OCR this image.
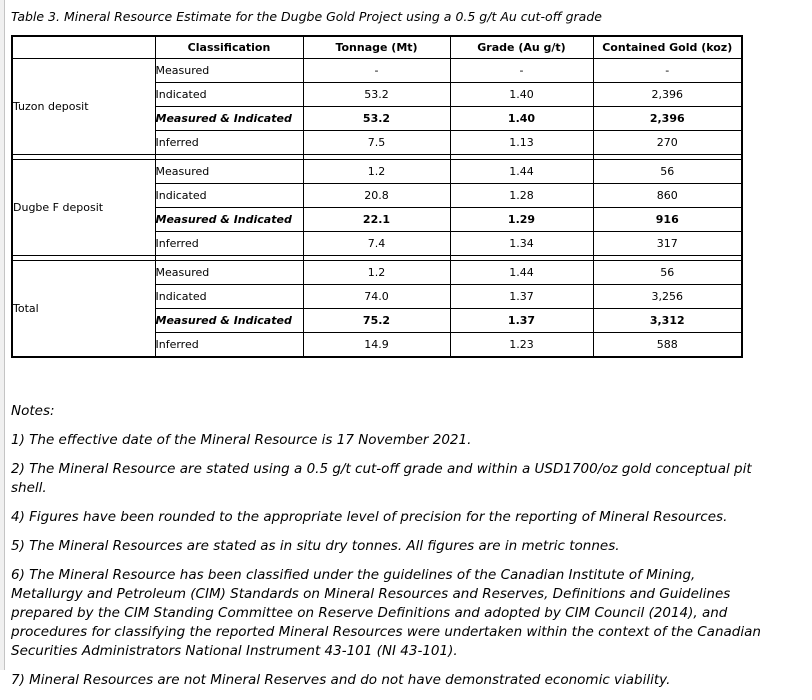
Table 3. Mineral Resource Estimate for the Dugbe Gold Project using a 0.5 g/t Au cut-off grade
	Classification	Tonnage (Mt)	Grade (Au g/t)	Contained Gold (koz)
Tuzon deposit	Measured	-	-	-
	Indicated	53.2	1.40	2,396
	Measured & Indicated	53.2	1.40	2,396
	Inferred	7.5	1.13	270

Dugbe F deposit	Measured	1.2	1.44	56
	Indicated	20.8	1.28	860
	Measured & Indicated	22.1	1.29	916
	Inferred	7.4	1.34	317

Total	Measured	1.2	1.44	56
	Indicated	74.0	1.37	3,256
	Measured & Indicated	75.2	1.37	3,312
	Inferred	14.9	1.23	588

Notes:

1) The effective date of the Mineral Resource is 17 November 2021.

2) The Mineral Resource are stated using a 0.5 g/t cut-off grade and within a USD1700/oz gold conceptual pit shell.

4) Figures have been rounded to the appropriate level of precision for the reporting of Mineral Resources.

5) The Mineral Resources are stated as in situ dry tonnes. All figures are in metric tonnes.

6) The Mineral Resource has been classified under the guidelines of the Canadian Institute of Mining, Metallurgy and Petroleum (CIM) Standards on Mineral Resources and Reserves, Definitions and Guidelines prepared by the CIM Standing Committee on Reserve Definitions and adopted by CIM Council (2014), and procedures for classifying the reported Mineral Resources were undertaken within the context of the Canadian Securities Administrators National Instrument 43-101 (NI 43-101).

7) Mineral Resources are not Mineral Reserves and do not have demonstrated economic viability.
